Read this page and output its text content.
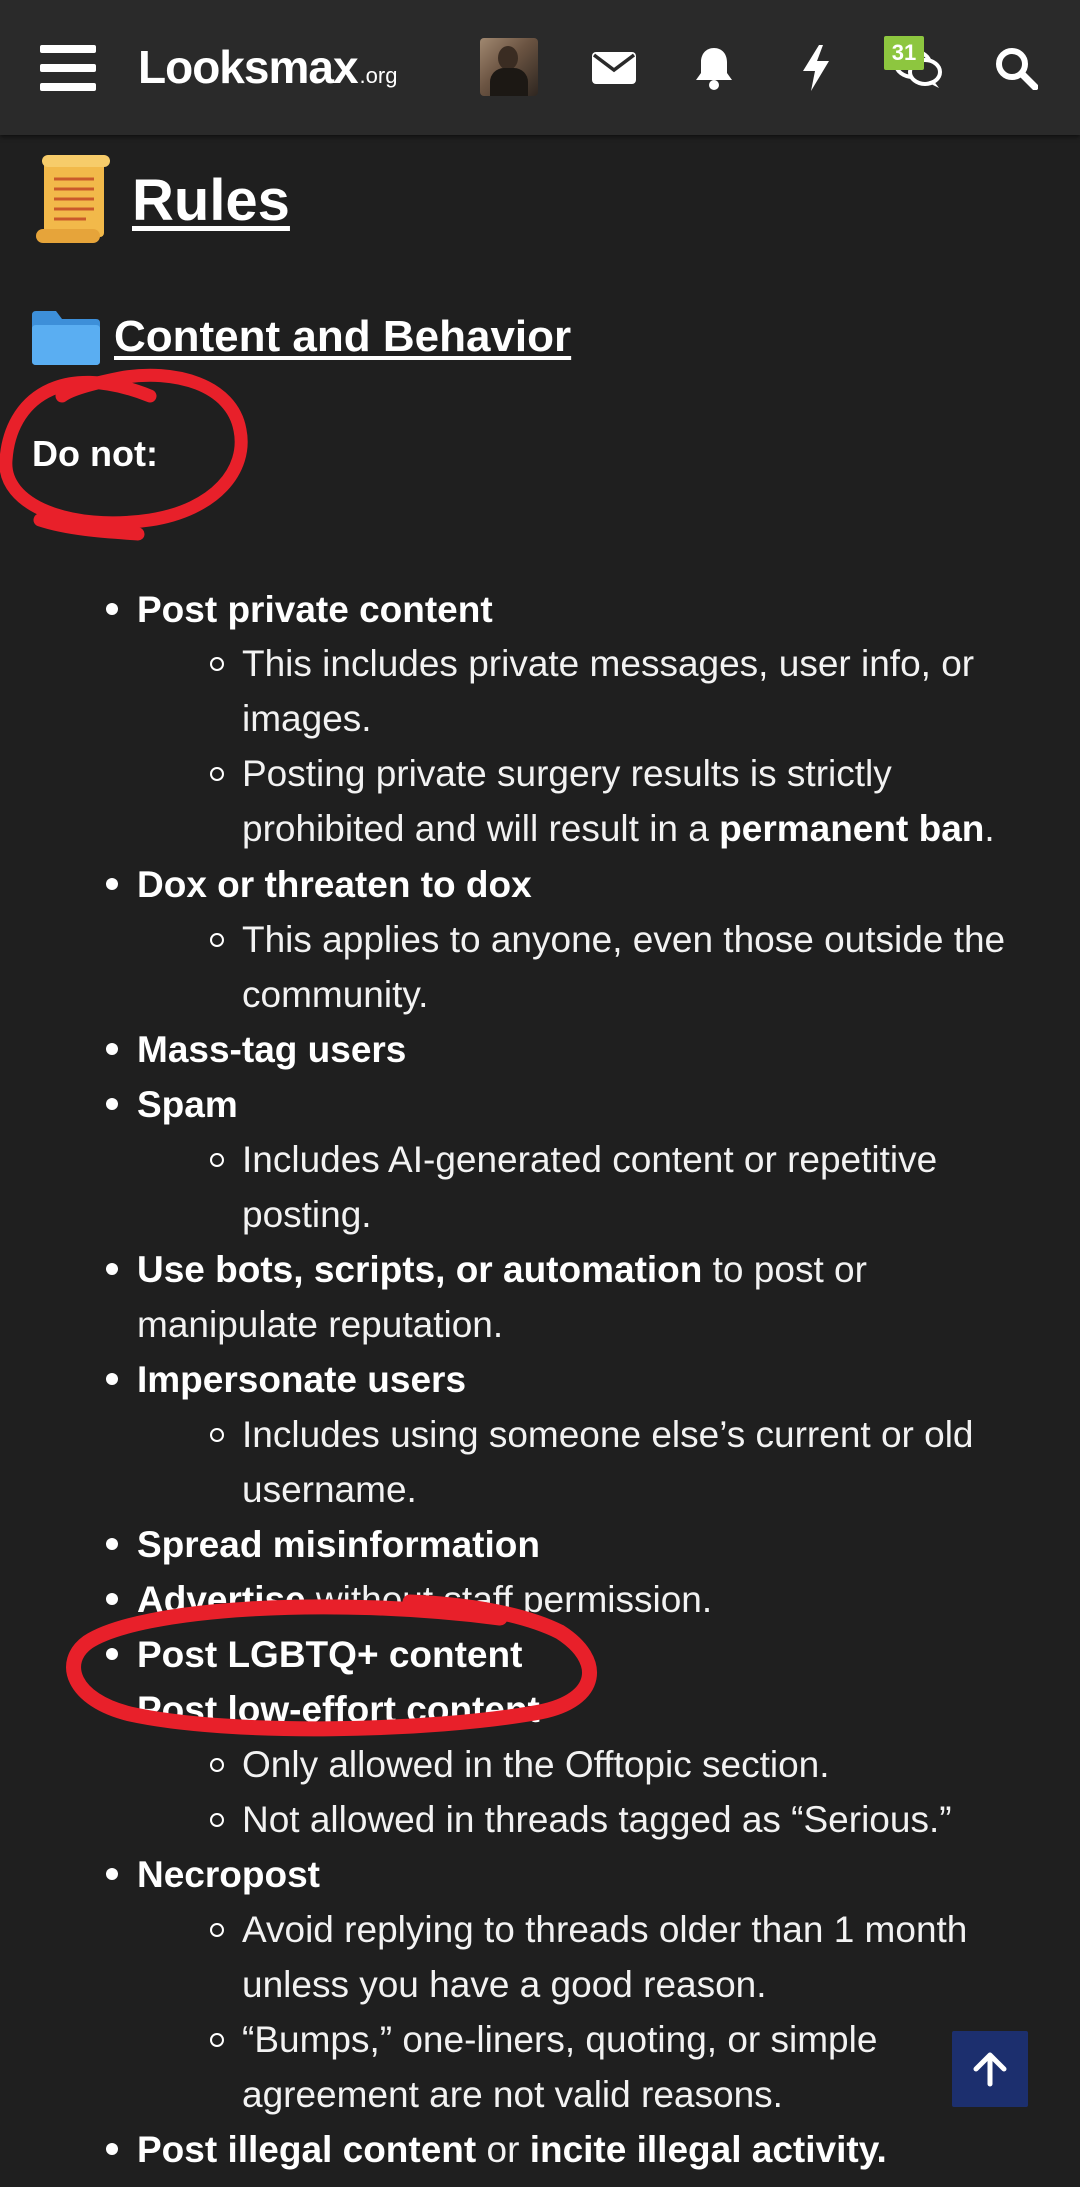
Looksmax .org
31
Rules
Content and Behavior
Do not:
Post private content
This includes private messages, user info, or
images.
Posting private surgery results is strictly
prohibited and will result in a permanent ban.
Dox or threaten to dox
This applies to anyone, even those outside the
community.
Mass-tag users
Spam
Includes AI-generated content or repetitive
posting.
Use bots, scripts, or automation to post or
manipulate reputation.
Impersonate users
Includes using someone else’s current or old
username.
Spread misinformation
Advertise without staff permission.
Post LGBTQ+ content
Post low-effort content
Only allowed in the Offtopic section.
Not allowed in threads tagged as “Serious.”
Necropost
Avoid replying to threads older than 1 month
unless you have a good reason.
“Bumps,” one-liners, quoting, or simple
agreement are not valid reasons.
Post illegal content or incite illegal activity.
